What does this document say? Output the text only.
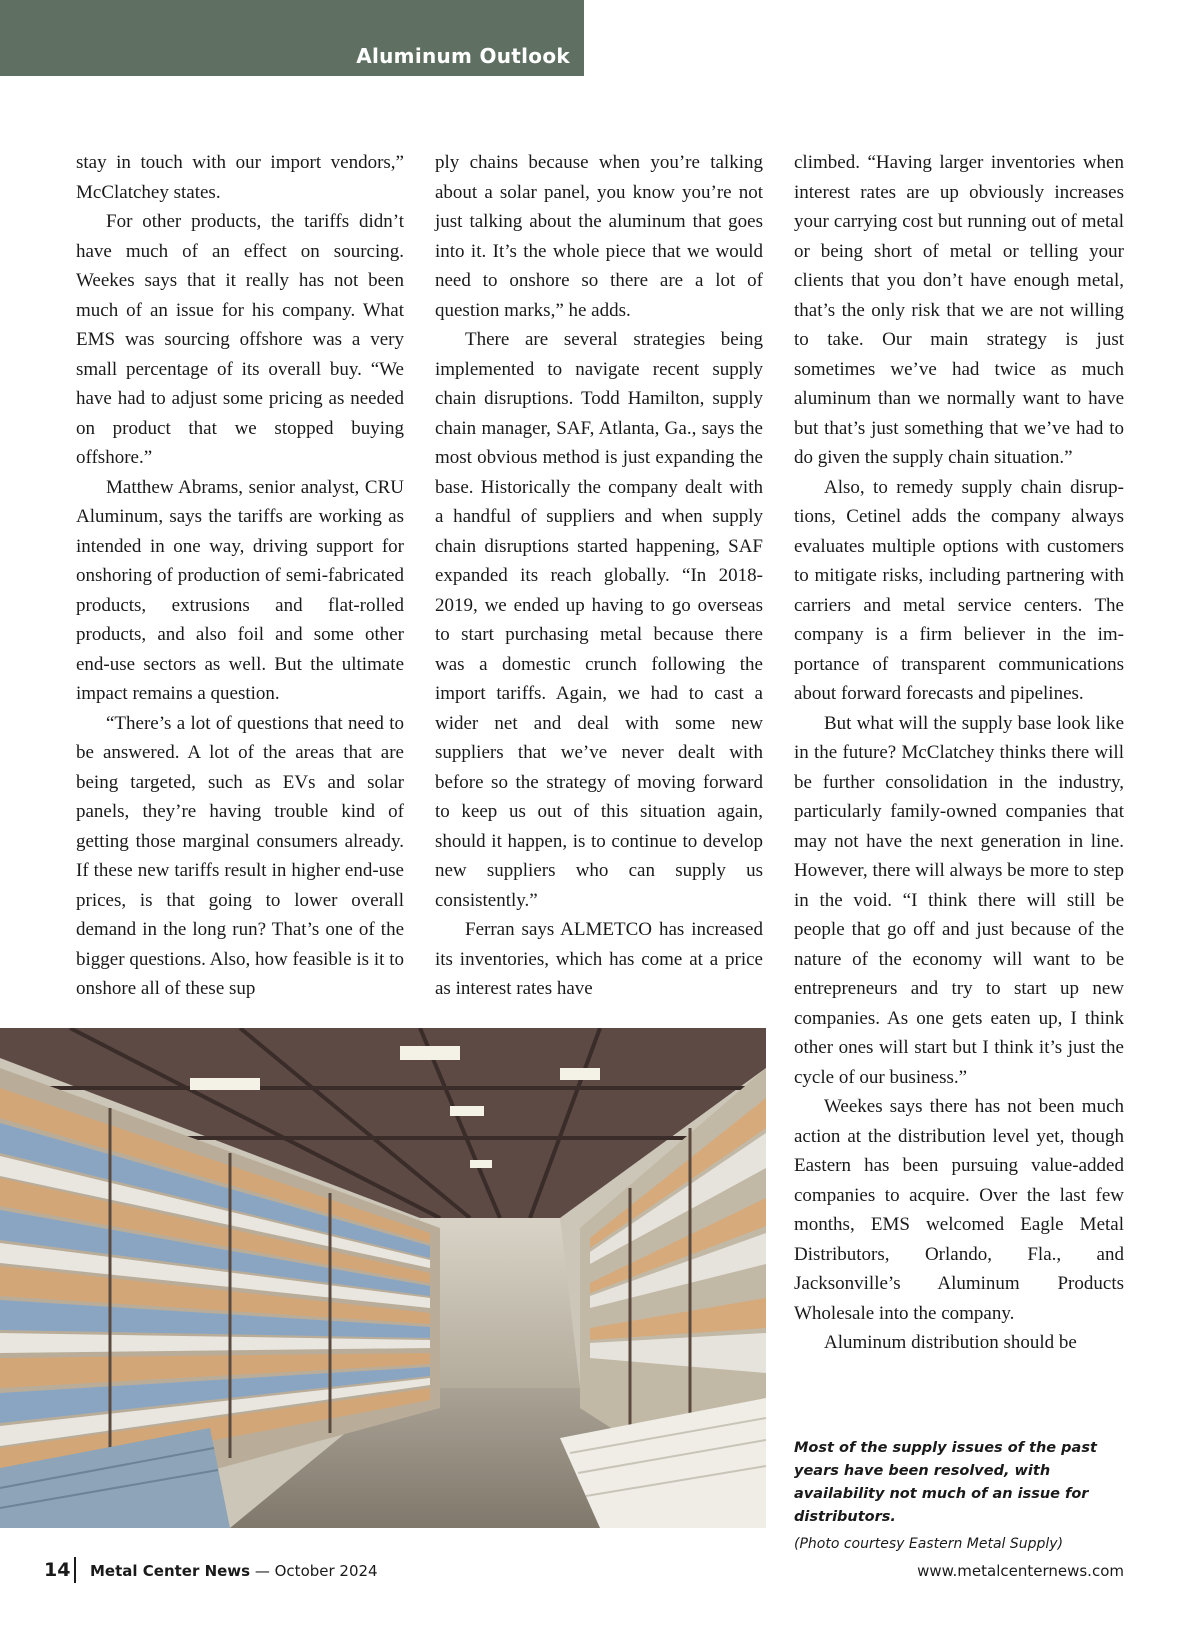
Aluminum Outlook

stay in touch with our import vendors,” McClatchey states.

For other products, the tariffs didn’t have much of an effect on sourcing. Weekes says that it really has not been much of an issue for his company. What EMS was sourcing offshore was a very small percentage of its overall buy. “We have had to adjust some pricing as needed on product that we stopped buying offshore.”

Matthew Abrams, senior analyst, CRU Aluminum, says the tariffs are working as intended in one way, driving support for onshoring of production of semi-fabricated products, extrusions and flat-rolled products, and also foil and some other end-use sectors as well. But the ultimate impact remains a question.

“There’s a lot of questions that need to be answered. A lot of the areas that are being targeted, such as EVs and solar panels, they’re having trouble kind of getting those marginal consumers already. If these new tariffs result in higher end-use prices, is that going to lower overall demand in the long run? That’s one of the bigger questions. Also, how feasible is it to onshore all of these sup

ply chains because when you’re talking about a solar panel, you know you’re not just talking about the aluminum that goes into it. It’s the whole piece that we would need to onshore so there are a lot of question marks,” he adds.

There are several strategies being implemented to navigate recent supply chain disruptions. Todd Hamilton, supply chain manager, SAF, Atlanta, Ga., says the most obvious method is just expanding the base. Historically the company dealt with a handful of suppliers and when supply chain disruptions started happening, SAF expanded its reach globally. “In 2018-2019, we ended up having to go overseas to start purchasing metal because there was a domestic crunch following the import tariffs. Again, we had to cast a wider net and deal with some new suppliers that we’ve never dealt with before so the strategy of moving forward to keep us out of this situation again, should it happen, is to continue to develop new suppliers who can supply us consistently.”

Ferran says ALMETCO has increased its inventories, which has come at a price as interest rates have

climbed. “Having larger inventories when interest rates are up obviously increases your carrying cost but running out of metal or being short of metal or telling your clients that you don’t have enough metal, that’s the only risk that we are not willing to take. Our main strategy is just sometimes we’ve had twice as much aluminum than we normally want to have but that’s just something that we’ve had to do given the supply chain situation.”

Also, to remedy supply chain disruptions, Cetinel adds the company always evaluates multiple options with customers to mitigate risks, including partnering with carriers and metal service centers. The company is a firm believer in the importance of transparent communications about forward forecasts and pipelines.

But what will the supply base look like in the future? McClatchey thinks there will be further consolidation in the industry, particularly family-owned companies that may not have the next generation in line. However, there will always be more to step in the void. “I think there will still be people that go off and just because of the nature of the economy will want to be entrepreneurs and try to start up new companies. As one gets eaten up, I think other ones will start but I think it’s just the cycle of our business.”

Weekes says there has not been much action at the distribution level yet, though Eastern has been pursuing value-added companies to acquire. Over the last few months, EMS welcomed Eagle Metal Distributors, Orlando, Fla., and Jacksonville’s Aluminum Products Wholesale into the company.

Aluminum distribution should be

Most of the supply issues of the past years have been resolved, with availability not much of an issue for distributors.

(Photo courtesy Eastern Metal Supply)

14 Metal Center News — October 2024	www.metalcenternews.com
